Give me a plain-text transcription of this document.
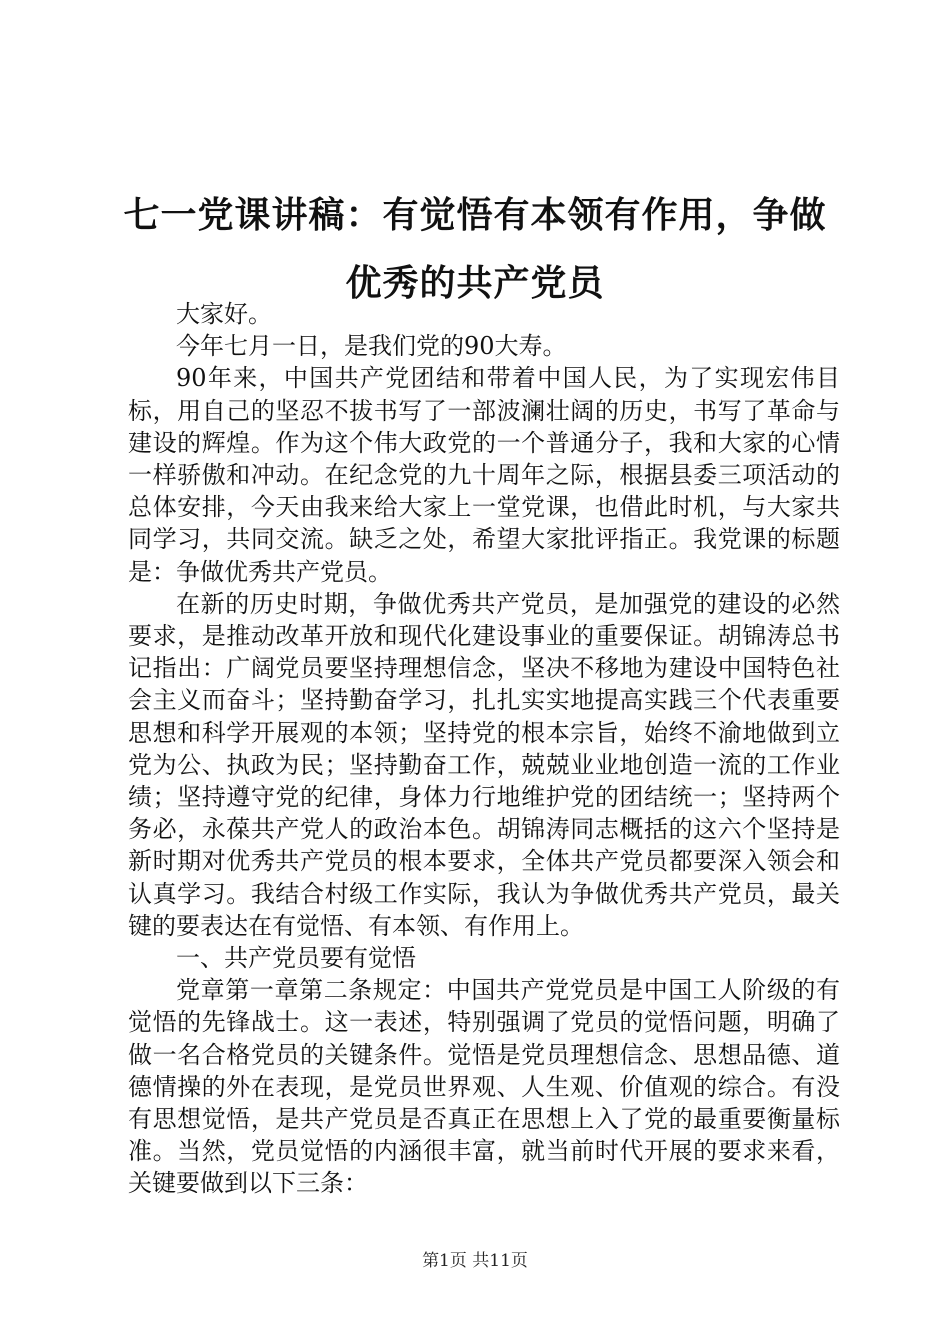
七一党课讲稿：有觉悟有本领有作用，争做优秀的共产党员

大家好。

今年七月一日，是我们党的90大寿。

90年来，中国共产党团结和带着中国人民，为了实现宏伟目标，用自己的坚忍不拔书写了一部波澜壮阔的历史，书写了革命与建设的辉煌。作为这个伟大政党的一个普通分子，我和大家的心情一样骄傲和冲动。在纪念党的九十周年之际，根据县委三项活动的总体安排，今天由我来给大家上一堂党课，也借此时机，与大家共同学习，共同交流。缺乏之处，希望大家批评指正。我党课的标题是：争做优秀共产党员。

在新的历史时期，争做优秀共产党员，是加强党的建设的必然要求，是推动改革开放和现代化建设事业的重要保证。胡锦涛总书记指出：广阔党员要坚持理想信念，坚决不移地为建设中国特色社会主义而奋斗；坚持勤奋学习，扎扎实实地提高实践三个代表重要思想和科学开展观的本领；坚持党的根本宗旨，始终不渝地做到立党为公、执政为民；坚持勤奋工作，兢兢业业地创造一流的工作业绩；坚持遵守党的纪律，身体力行地维护党的团结统一；坚持两个务必，永葆共产党人的政治本色。胡锦涛同志概括的这六个坚持是新时期对优秀共产党员的根本要求，全体共产党员都要深入领会和认真学习。我结合村级工作实际，我认为争做优秀共产党员，最关键的要表达在有觉悟、有本领、有作用上。

一、共产党员要有觉悟

党章第一章第二条规定：中国共产党党员是中国工人阶级的有觉悟的先锋战士。这一表述，特别强调了党员的觉悟问题，明确了做一名合格党员的关键条件。觉悟是党员理想信念、思想品德、道德情操的外在表现，是党员世界观、人生观、价值观的综合。有没有思想觉悟，是共产党员是否真正在思想上入了党的最重要衡量标准。当然，党员觉悟的内涵很丰富，就当前时代开展的要求来看，关键要做到以下三条：

第1页 共11页
